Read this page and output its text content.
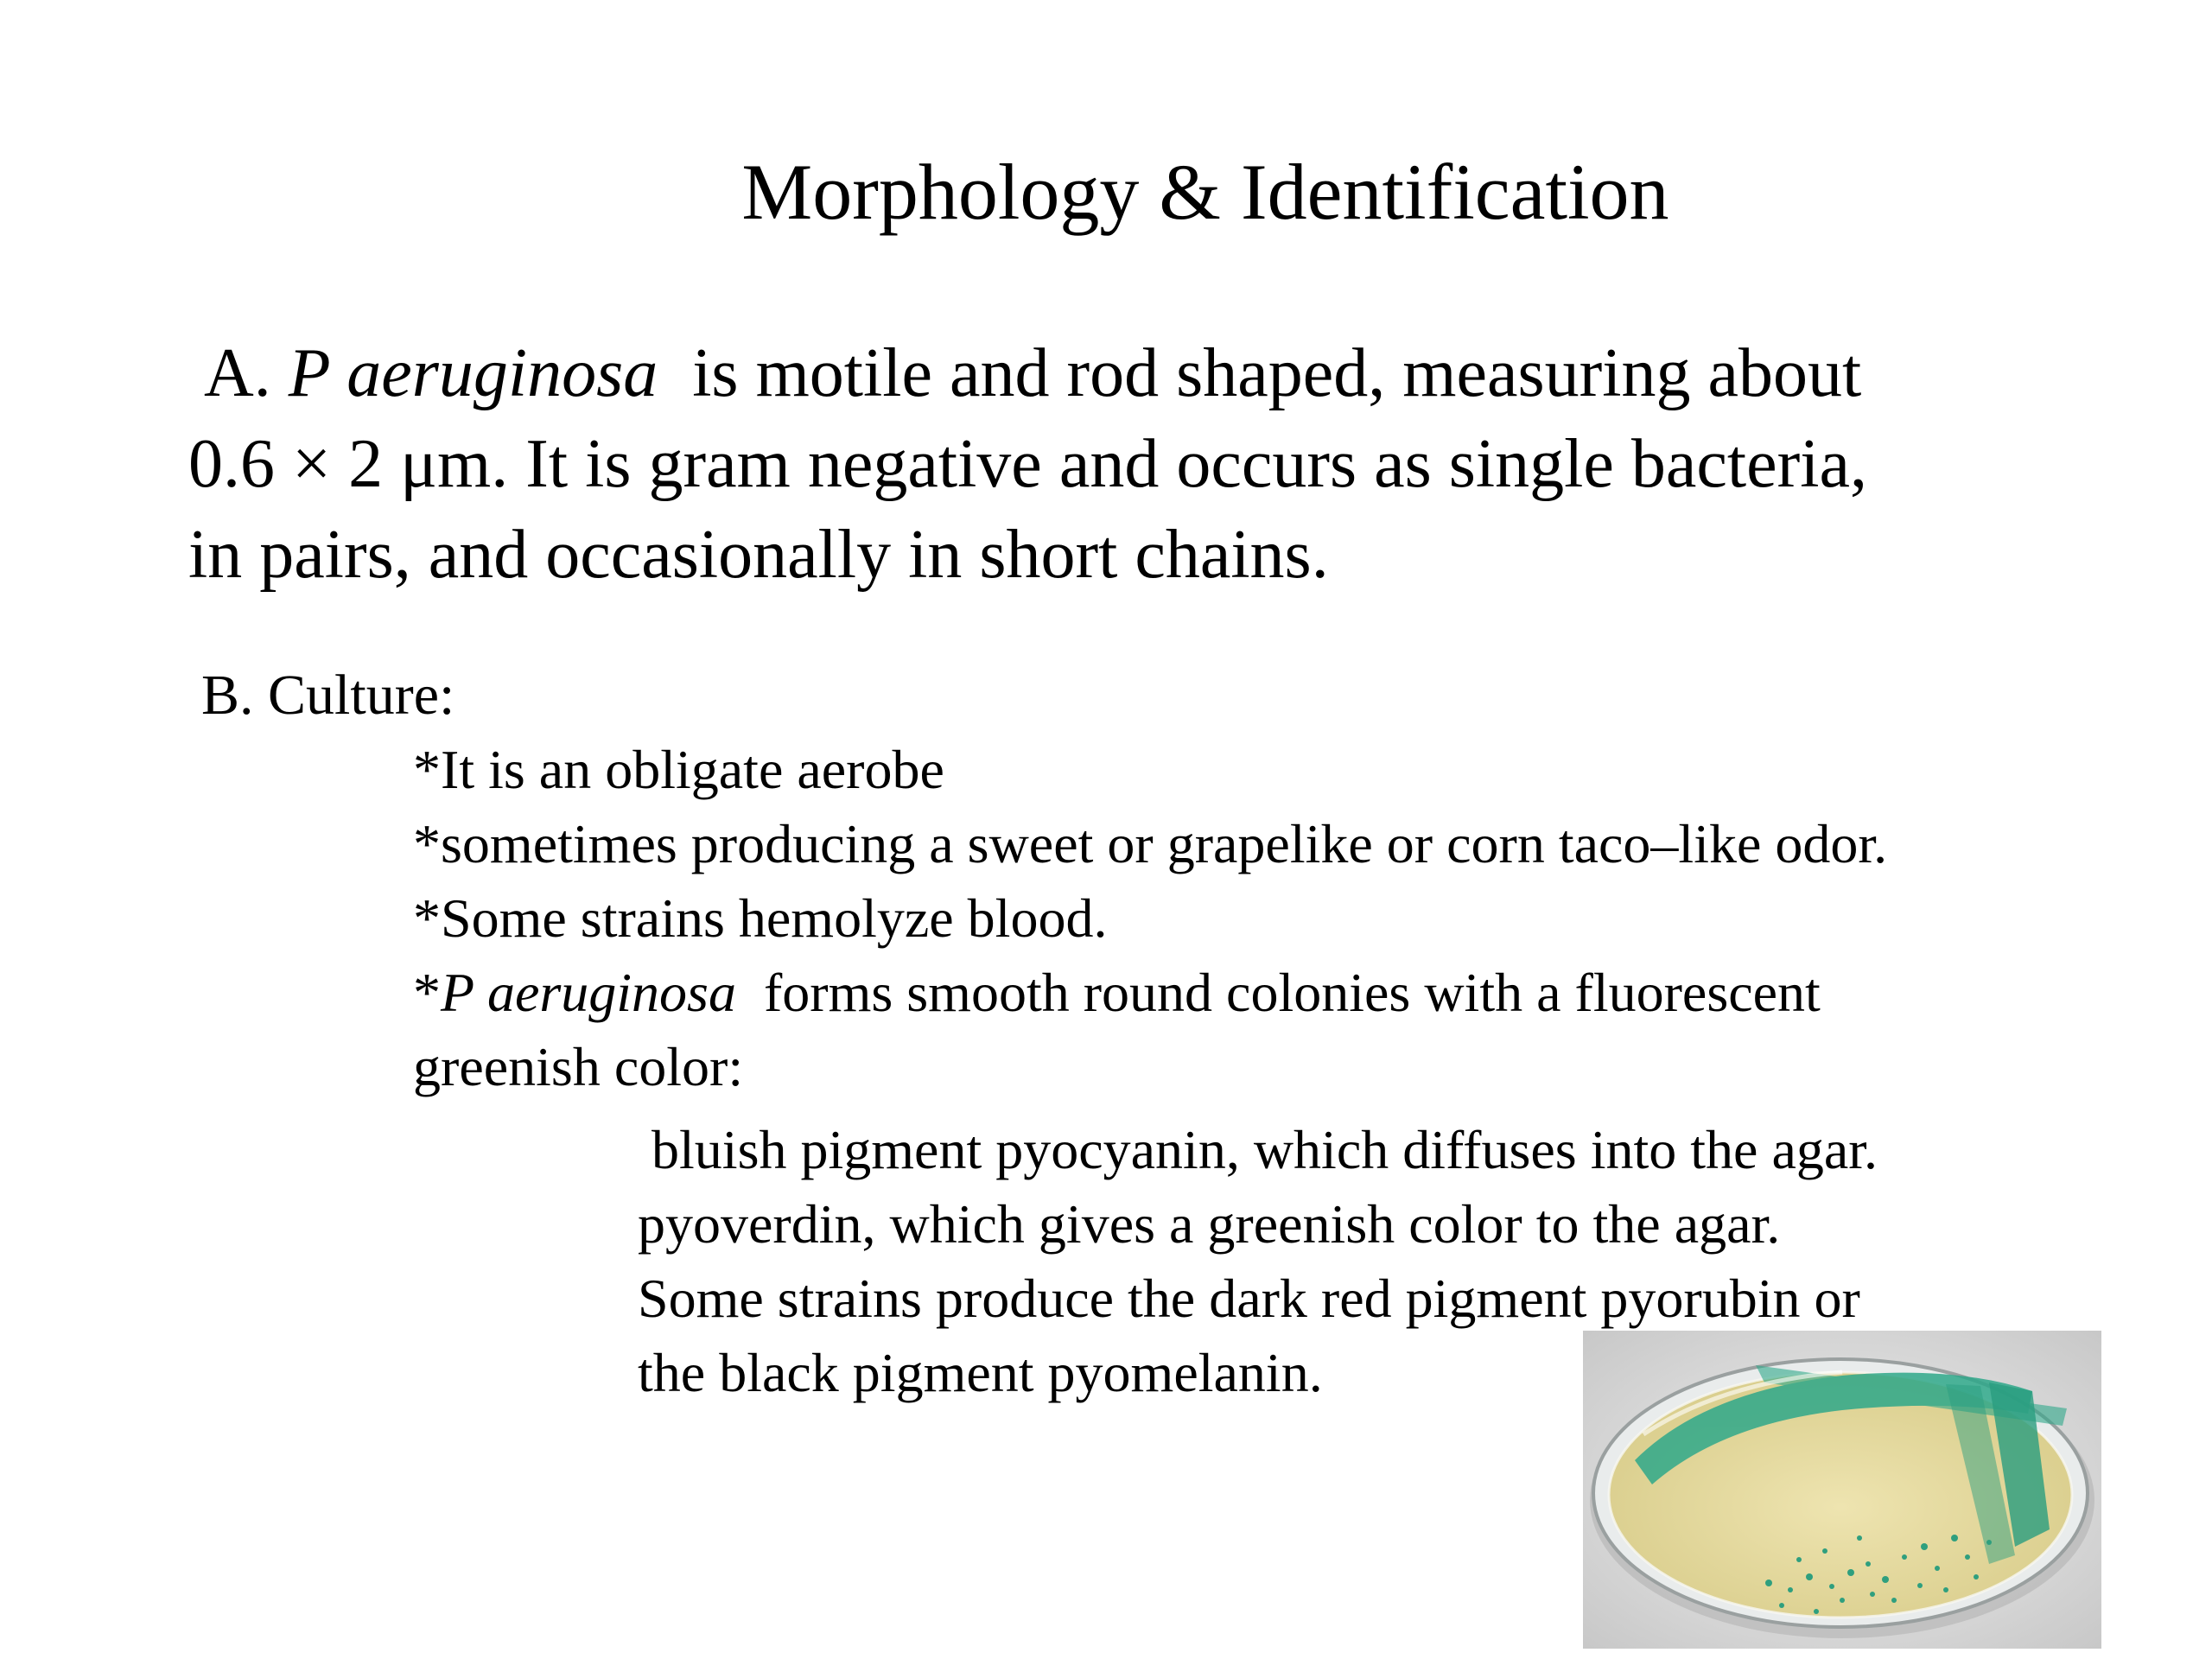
Morphology & Identification
A. P aeruginosa  is motile and rod shaped, measuring about
0.6 × 2 μm. It is gram negative and occurs as single bacteria,
in pairs, and occasionally in short chains.
B. Culture:
*It is an obligate aerobe
*sometimes producing a sweet or grapelike or corn taco–like odor.
*Some strains hemolyze blood.
*P aeruginosa  forms smooth round colonies with a fluorescent
greenish color:
bluish pigment pyocyanin, which diffuses into the agar.
pyoverdin, which gives a greenish color to the agar.
Some strains produce the dark red pigment pyorubin or
the black pigment pyomelanin.
